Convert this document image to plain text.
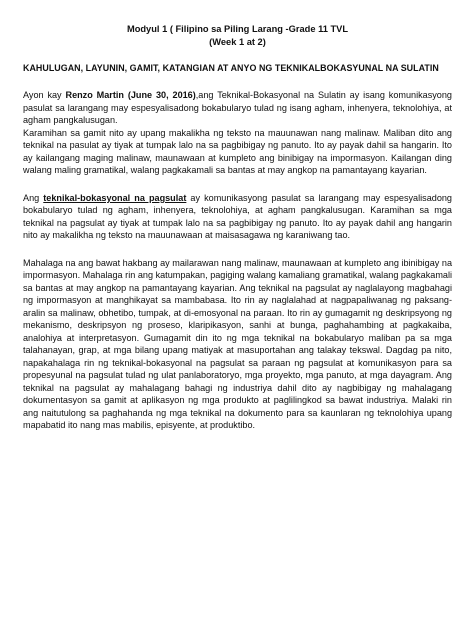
Modyul 1 ( Filipino sa Piling Larang -Grade 11 TVL
(Week 1 at 2)
KAHULUGAN, LAYUNIN, GAMIT, KATANGIAN AT ANYO NG TEKNIKALBOKASYUNAL NA SULATIN

Ayon kay Renzo Martin (June 30, 2016),ang Teknikal-Bokasyonal na Sulatin ay isang komunikasyong pasulat sa larangang may espesyalisadong bokabularyo tulad ng isang agham, inhenyera, teknolohiya, at agham pangkalusugan.

Karamihan sa gamit nito ay upang makalikha ng teksto na mauunawan nang malinaw. Maliban dito ang teknikal na pasulat ay tiyak at tumpak lalo na sa pagbibigay ng panuto. Ito ay payak dahil sa hangarin. Ito ay kailangang maging malinaw, maunawaan at kumpleto ang binibigay na impormasyon. Kailangan ding walang maling gramatikal, walang pagkakamali sa bantas at may angkop na pamantayang kayarian.

Ang teknikal-bokasyonal na pagsulat ay komunikasyong pasulat sa larangang may espesyalisadong bokabularyo tulad ng agham, inhenyera, teknolohiya, at agham pangkalusugan. Karamihan sa mga teknikal na pagsulat ay tiyak at tumpak lalo na sa pagbibigay ng panuto. Ito ay payak dahil ang hangarin nito ay makalikha ng teksto na mauunawaan at maisasagawa ng karaniwang tao.

Mahalaga na ang bawat hakbang ay mailarawan nang malinaw, maunawaan at kumpleto ang ibinibigay na impormasyon. Mahalaga rin ang katumpakan, pagiging walang kamaliang gramatikal, walang pagkakamali sa bantas at may angkop na pamantayang kayarian. Ang teknikal na pagsulat ay naglalayong magbahagi ng impormasyon at manghikayat sa mambabasa. Ito rin ay naglalahad at nagpapaliwanag ng paksang-aralin sa malinaw, obhetibo, tumpak, at di-emosyonal na paraan. Ito rin ay gumagamit ng deskripsyong ng mekanismo, deskripsyon ng proseso, klaripikasyon, sanhi at bunga, paghahambing at pagkakaiba, analohiya at interpretasyon. Gumagamit din ito ng mga teknikal na bokabularyo maliban pa sa mga talahanayan, grap, at mga bilang upang matiyak at masuportahan ang talakay tekswal. Dagdag pa nito, napakahalaga rin ng teknikal-bokasyonal na pagsulat sa paraan ng pagsulat at komunikasyon para sa propesyunal na pagsulat tulad ng ulat panlaboratoryo, mga proyekto, mga panuto, at mga dayagram. Ang teknikal na pagsulat ay mahalagang bahagi ng industriya dahil dito ay nagbibigay ng mahalagang dokumentasyon sa gamit at aplikasyon ng mga produkto at paglilingkod sa bawat industriya. Malaki rin ang naitutulong sa paghahanda ng mga teknikal na dokumento para sa kaunlaran ng teknolohiya upang mapabatid ito nang mas mabilis, episyente, at produktibo.
